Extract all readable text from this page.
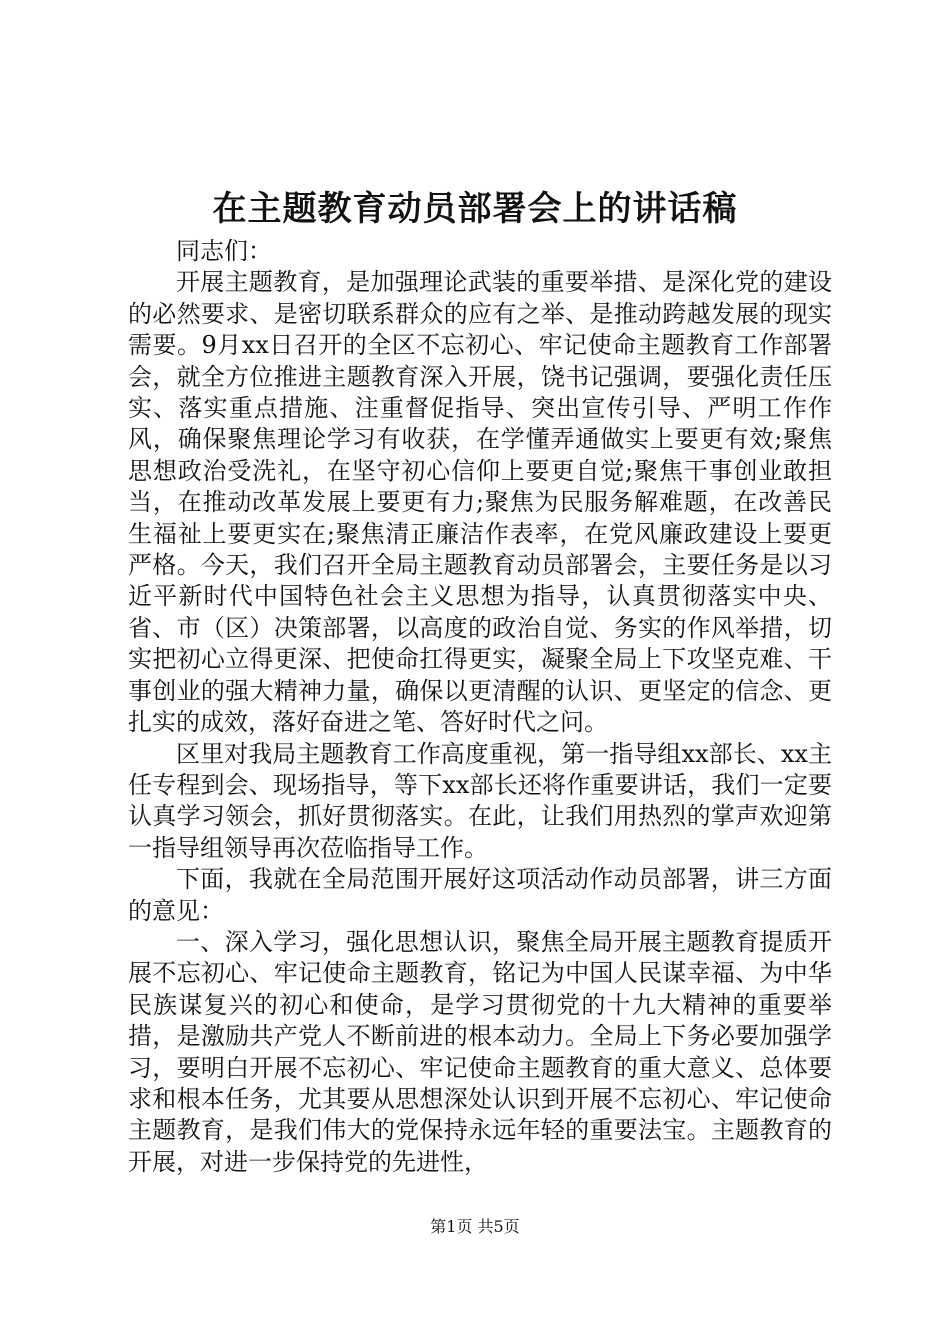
在主题教育动员部署会上的讲话稿

同志们：

开展主题教育，是加强理论武装的重要举措、是深化党的建设的必然要求、是密切联系群众的应有之举、是推动跨越发展的现实需要。9月xx日召开的全区不忘初心、牢记使命主题教育工作部署会，就全方位推进主题教育深入开展，饶书记强调，要强化责任压实、落实重点措施、注重督促指导、突出宣传引导、严明工作作风，确保聚焦理论学习有收获，在学懂弄通做实上要更有效;聚焦思想政治受洗礼，在坚守初心信仰上要更自觉;聚焦干事创业敢担当，在推动改革发展上要更有力;聚焦为民服务解难题，在改善民生福祉上要更实在;聚焦清正廉洁作表率，在党风廉政建设上要更严格。今天，我们召开全局主题教育动员部署会，主要任务是以习近平新时代中国特色社会主义思想为指导，认真贯彻落实中央、省、市（区）决策部署，以高度的政治自觉、务实的作风举措，切实把初心立得更深、把使命扛得更实，凝聚全局上下攻坚克难、干事创业的强大精神力量，确保以更清醒的认识、更坚定的信念、更扎实的成效，落好奋进之笔、答好时代之问。

区里对我局主题教育工作高度重视，第一指导组xx部长、xx主任专程到会、现场指导，等下xx部长还将作重要讲话，我们一定要认真学习领会，抓好贯彻落实。在此，让我们用热烈的掌声欢迎第一指导组领导再次莅临指导工作。

下面，我就在全局范围开展好这项活动作动员部署，讲三方面的意见：

一、深入学习，强化思想认识，聚焦全局开展主题教育提质开展不忘初心、牢记使命主题教育，铭记为中国人民谋幸福、为中华民族谋复兴的初心和使命，是学习贯彻党的十九大精神的重要举措，是激励共产党人不断前进的根本动力。全局上下务必要加强学习，要明白开展不忘初心、牢记使命主题教育的重大意义、总体要求和根本任务，尤其要从思想深处认识到开展不忘初心、牢记使命主题教育，是我们伟大的党保持永远年轻的重要法宝。主题教育的开展，对进一步保持党的先进性，

第1页 共5页
